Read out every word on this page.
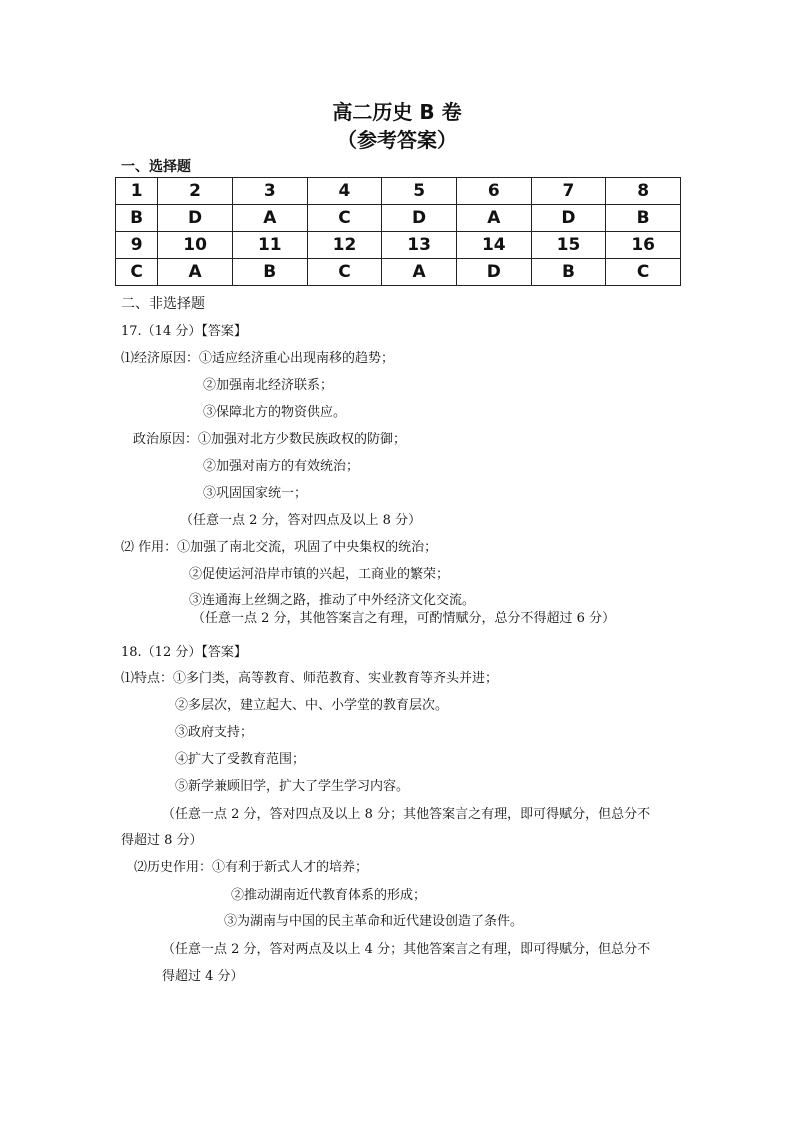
高二历史 B 卷
（参考答案）
一、选择题
1	2	3	4	5	6	7	8
B	D	A	C	D	A	D	B
9	10	11	12	13	14	15	16
C	A	B	C	A	D	B	C
二、非选择题
17.（14 分）【答案】
⑴经济原因：①适应经济重心出现南移的趋势；
②加强南北经济联系；
③保障北方的物资供应。
政治原因：①加强对北方少数民族政权的防御；
②加强对南方的有效统治；
③巩固国家统一；
（任意一点 2 分，答对四点及以上 8 分）
⑵ 作用：①加强了南北交流，巩固了中央集权的统治；
②促使运河沿岸市镇的兴起，工商业的繁荣；
③连通海上丝绸之路，推动了中外经济文化交流。
（任意一点 2 分，其他答案言之有理，可酌情赋分，总分不得超过 6 分）
18.（12 分）【答案】
⑴特点：①多门类，高等教育、师范教育、实业教育等齐头并进；
②多层次，建立起大、中、小学堂的教育层次。
③政府支持；
④扩大了受教育范围；
⑤新学兼顾旧学，扩大了学生学习内容。
（任意一点 2 分，答对四点及以上 8 分；其他答案言之有理，即可得赋分，但总分不
得超过 8 分）
⑵历史作用：①有利于新式人才的培养；
②推动湖南近代教育体系的形成；
③为湖南与中国的民主革命和近代建设创造了条件。
（任意一点 2 分，答对两点及以上 4 分；其他答案言之有理，即可得赋分，但总分不
得超过 4 分）
